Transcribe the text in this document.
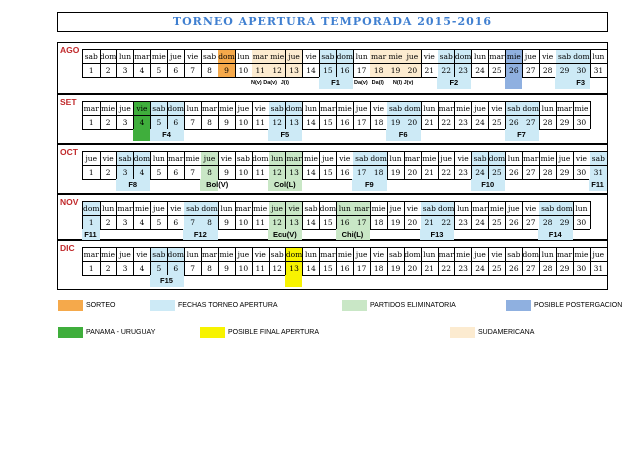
TORNEO APERTURA TEMPORADA 2015-2016
AGO
sab dom lun mar mie jue vie sab dom lun mar mie jue vie sab dom lun mar mie jue vie sab dom lun mar mie jue vie sab dom lun
1	2	3	4	5	6	7	8	9	10 11 12 13 14 15 16 17 18 19 20 21 22 23 24 25 26 27 28 29 30 31
N(v) Da(v) J(i)	F1	Da(v) Da(l)	N(l) J(v)	F2	F3
SET
mar mie jue vie sab dom lun mar mie jue vie sab dom lun mar mie jue vie sab dom lun mar mie jue vie sab dom lun mar mie
1	2	3	4	5	6	7	8	9	10 11 12 13 14 15 16 17 18 19 20 21 22 23 24 25 26 27 28 29 30
F4	F5	F6	F7
OCT
jue vie sab dom lun mar mie jue vie sab dom lun mar mie jue vie sab dom lun mar mie jue vie sab dom lun mar mie jue vie sab
1	2	3	4	5	6	7	8	9	10 11 12 13 14 15 16 17 18 19 20 21 22 23 24 25 26 27 28 29 30 31
F8	Bol(V)	Col(L)	F9	F10	F11
NOV
dom lun mar mie jue vie sab dom lun mar mie jue vie sab dom lun mar mie jue vie sab dom lun mar mie jue vie sab dom lun
1	2	3	4	5	6	7	8	9	10 11 12 13 14 15 16 17 18 19 20 21 22 23 24 25 26 27 28 29 30
F11	F12	Ecu(V)	Chi(L)	F13	F14
DIC
mar mie jue vie sab dom lun mar mie jue vie sab dom lun mar mie jue vie sab dom lun mar mie jue vie sab dom lun mar mie jue
1	2	3	4	5	6	7	8	9	10 11 12 13 14 15 16 17 18 19 20 21 22 23 24 25 26 27 28 29 30 31
F15
SORTEO	FECHAS TORNEO APERTURA	PARTIDOS ELIMINATORIA	POSIBLE POSTERGACION
PANAMA - URUGUAY	POSIBLE FINAL APERTURA	SUDAMERICANA
